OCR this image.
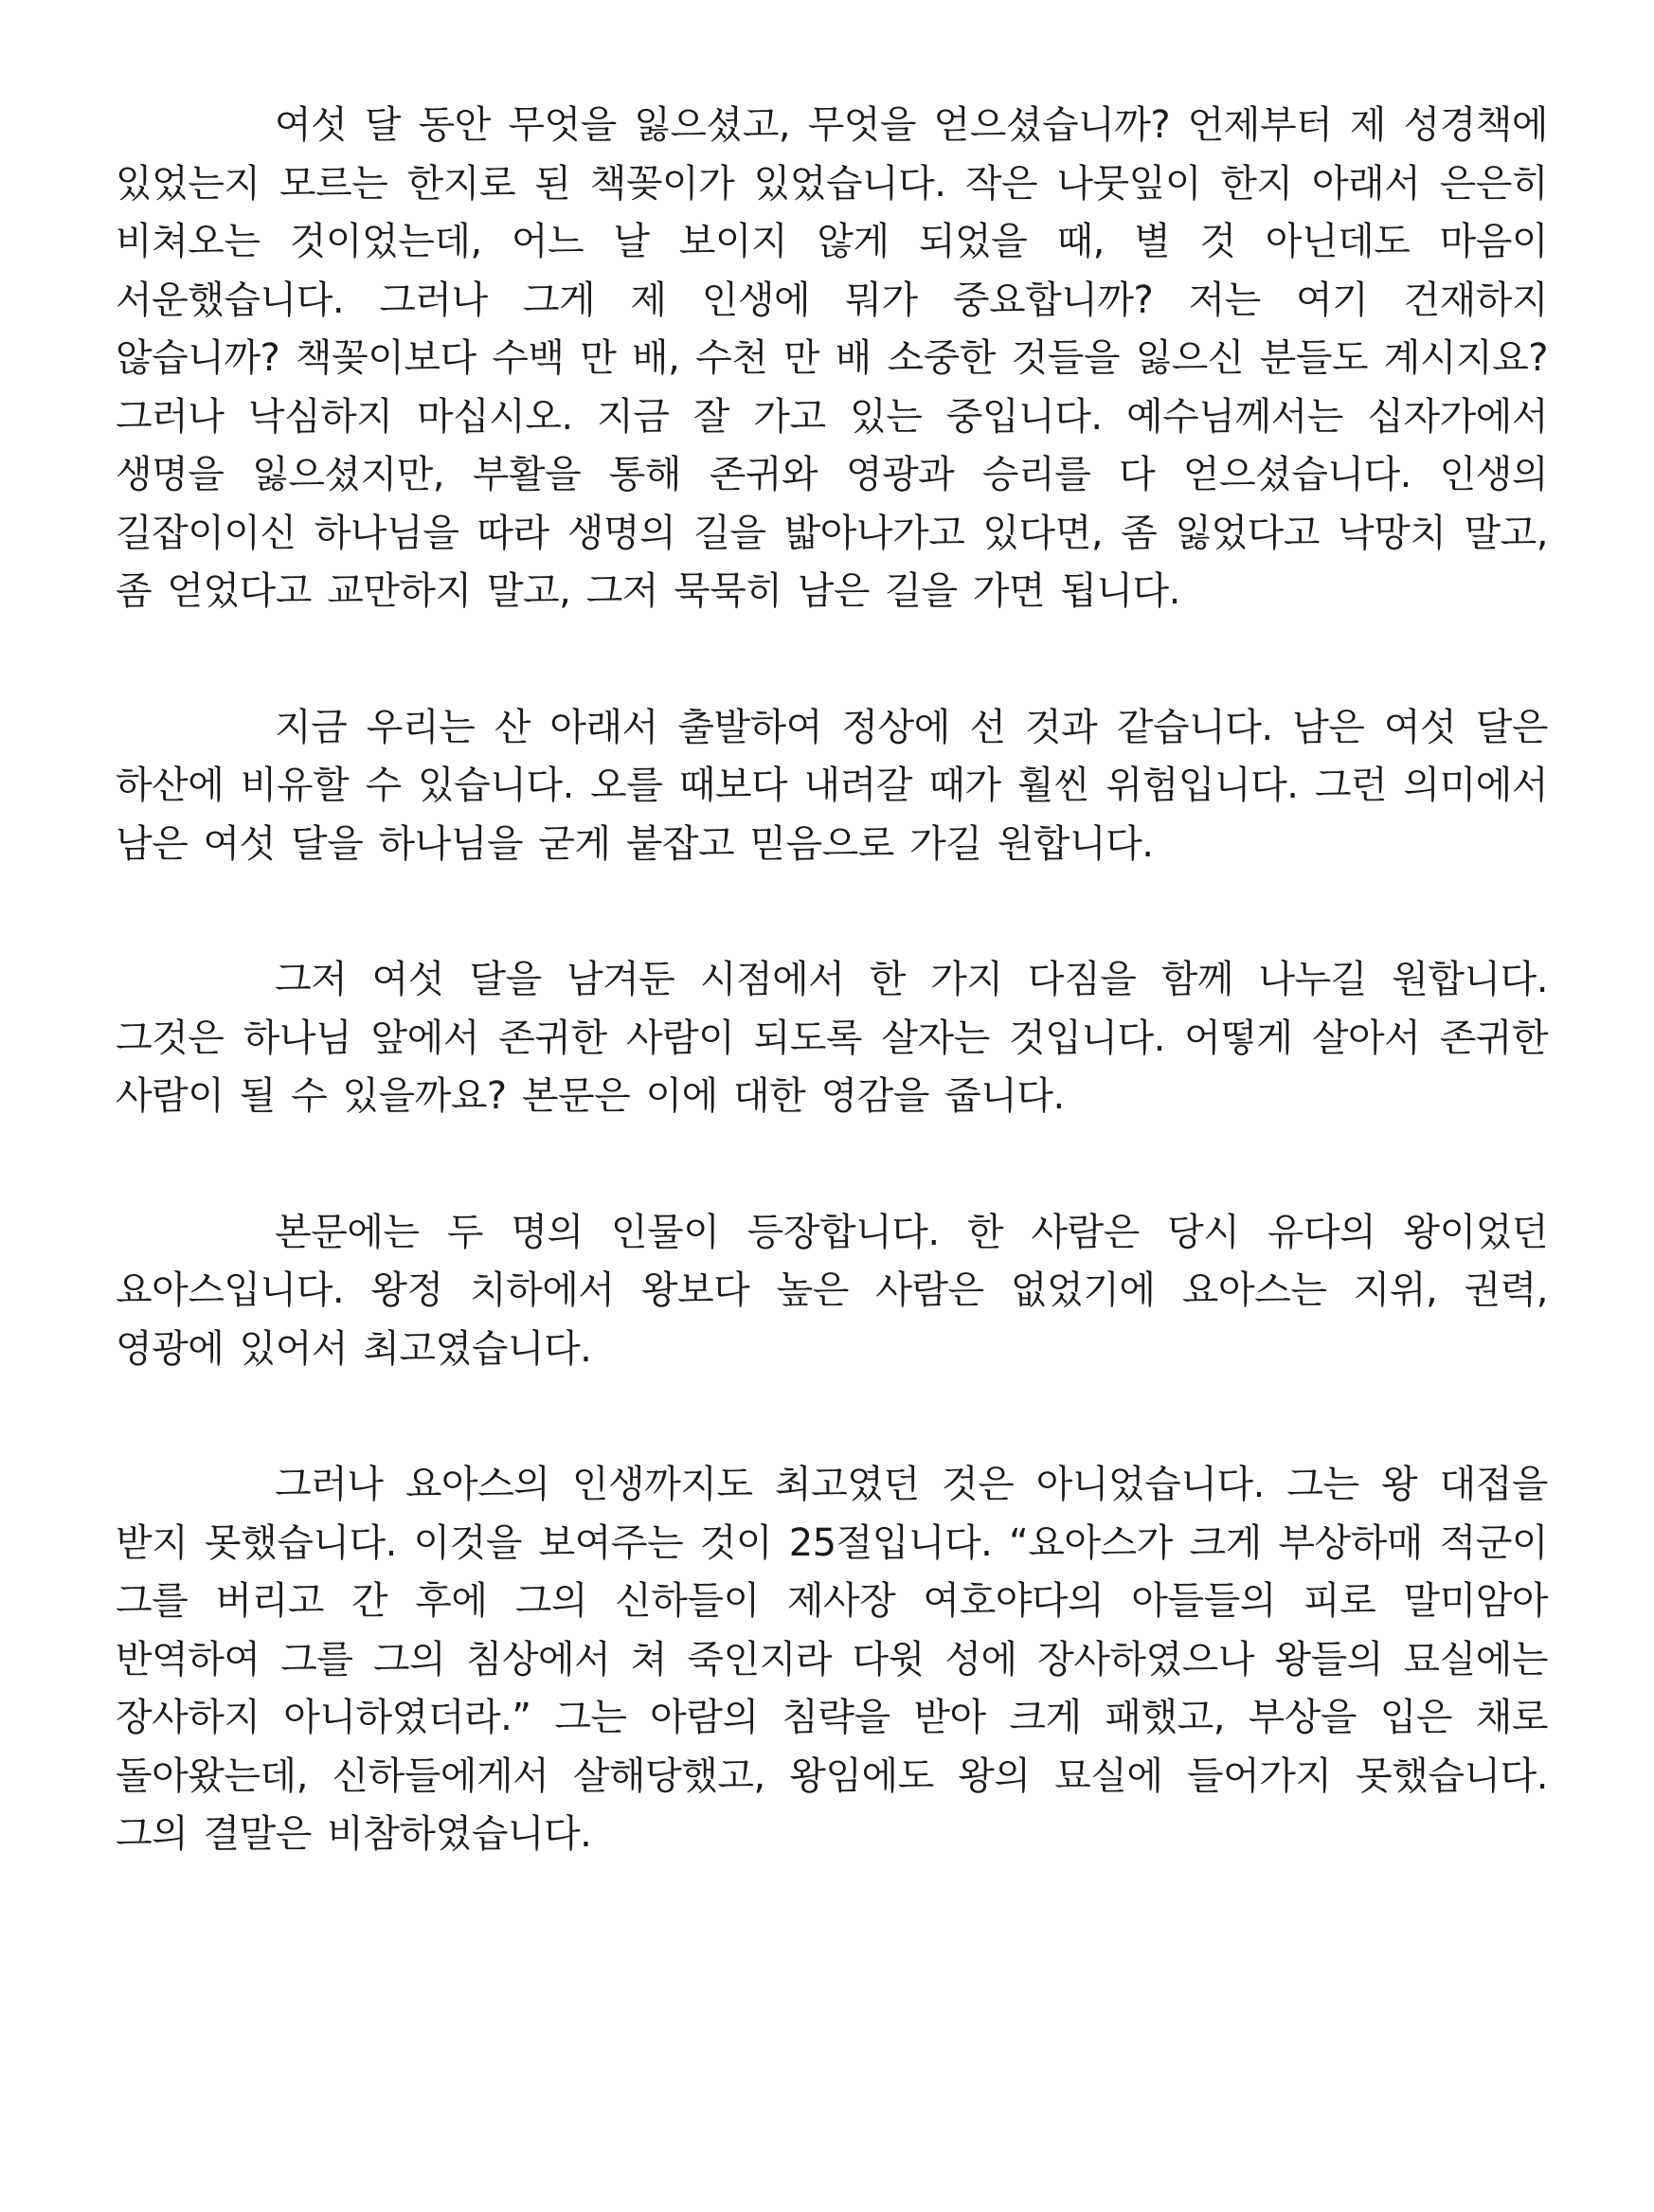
여섯 달 동안 무엇을 잃으셨고, 무엇을 얻으셨습니까? 언제부터 제 성경책에 있었는지 모르는 한지로 된 책꽂이가 있었습니다. 작은 나뭇잎이 한지 아래서 은은히 비쳐오는 것이었는데, 어느 날 보이지 않게 되었을 때, 별 것 아닌데도 마음이 서운했습니다. 그러나 그게 제 인생에 뭐가 중요합니까? 저는 여기 건재하지 않습니까? 책꽂이보다 수백 만 배, 수천 만 배 소중한 것들을 잃으신 분들도 계시지요? 그러나 낙심하지 마십시오. 지금 잘 가고 있는 중입니다. 예수님께서는 십자가에서 생명을 잃으셨지만, 부활을 통해 존귀와 영광과 승리를 다 얻으셨습니다. 인생의 길잡이이신 하나님을 따라 생명의 길을 밟아나가고 있다면, 좀 잃었다고 낙망치 말고, 좀 얻었다고 교만하지 말고, 그저 묵묵히 남은 길을 가면 됩니다.

지금 우리는 산 아래서 출발하여 정상에 선 것과 같습니다. 남은 여섯 달은 하산에 비유할 수 있습니다. 오를 때보다 내려갈 때가 훨씬 위험입니다. 그런 의미에서 남은 여섯 달을 하나님을 굳게 붙잡고 믿음으로 가길 원합니다.

그저 여섯 달을 남겨둔 시점에서 한 가지 다짐을 함께 나누길 원합니다. 그것은 하나님 앞에서 존귀한 사람이 되도록 살자는 것입니다. 어떻게 살아서 존귀한 사람이 될 수 있을까요? 본문은 이에 대한 영감을 줍니다.

본문에는 두 명의 인물이 등장합니다. 한 사람은 당시 유다의 왕이었던 요아스입니다. 왕정 치하에서 왕보다 높은 사람은 없었기에 요아스는 지위, 권력, 영광에 있어서 최고였습니다.

그러나 요아스의 인생까지도 최고였던 것은 아니었습니다. 그는 왕 대접을 받지 못했습니다. 이것을 보여주는 것이 25절입니다. “요아스가 크게 부상하매 적군이 그를 버리고 간 후에 그의 신하들이 제사장 여호야다의 아들들의 피로 말미암아 반역하여 그를 그의 침상에서 쳐 죽인지라 다윗 성에 장사하였으나 왕들의 묘실에는 장사하지 아니하였더라.” 그는 아람의 침략을 받아 크게 패했고, 부상을 입은 채로 돌아왔는데, 신하들에게서 살해당했고, 왕임에도 왕의 묘실에 들어가지 못했습니다. 그의 결말은 비참하였습니다.
